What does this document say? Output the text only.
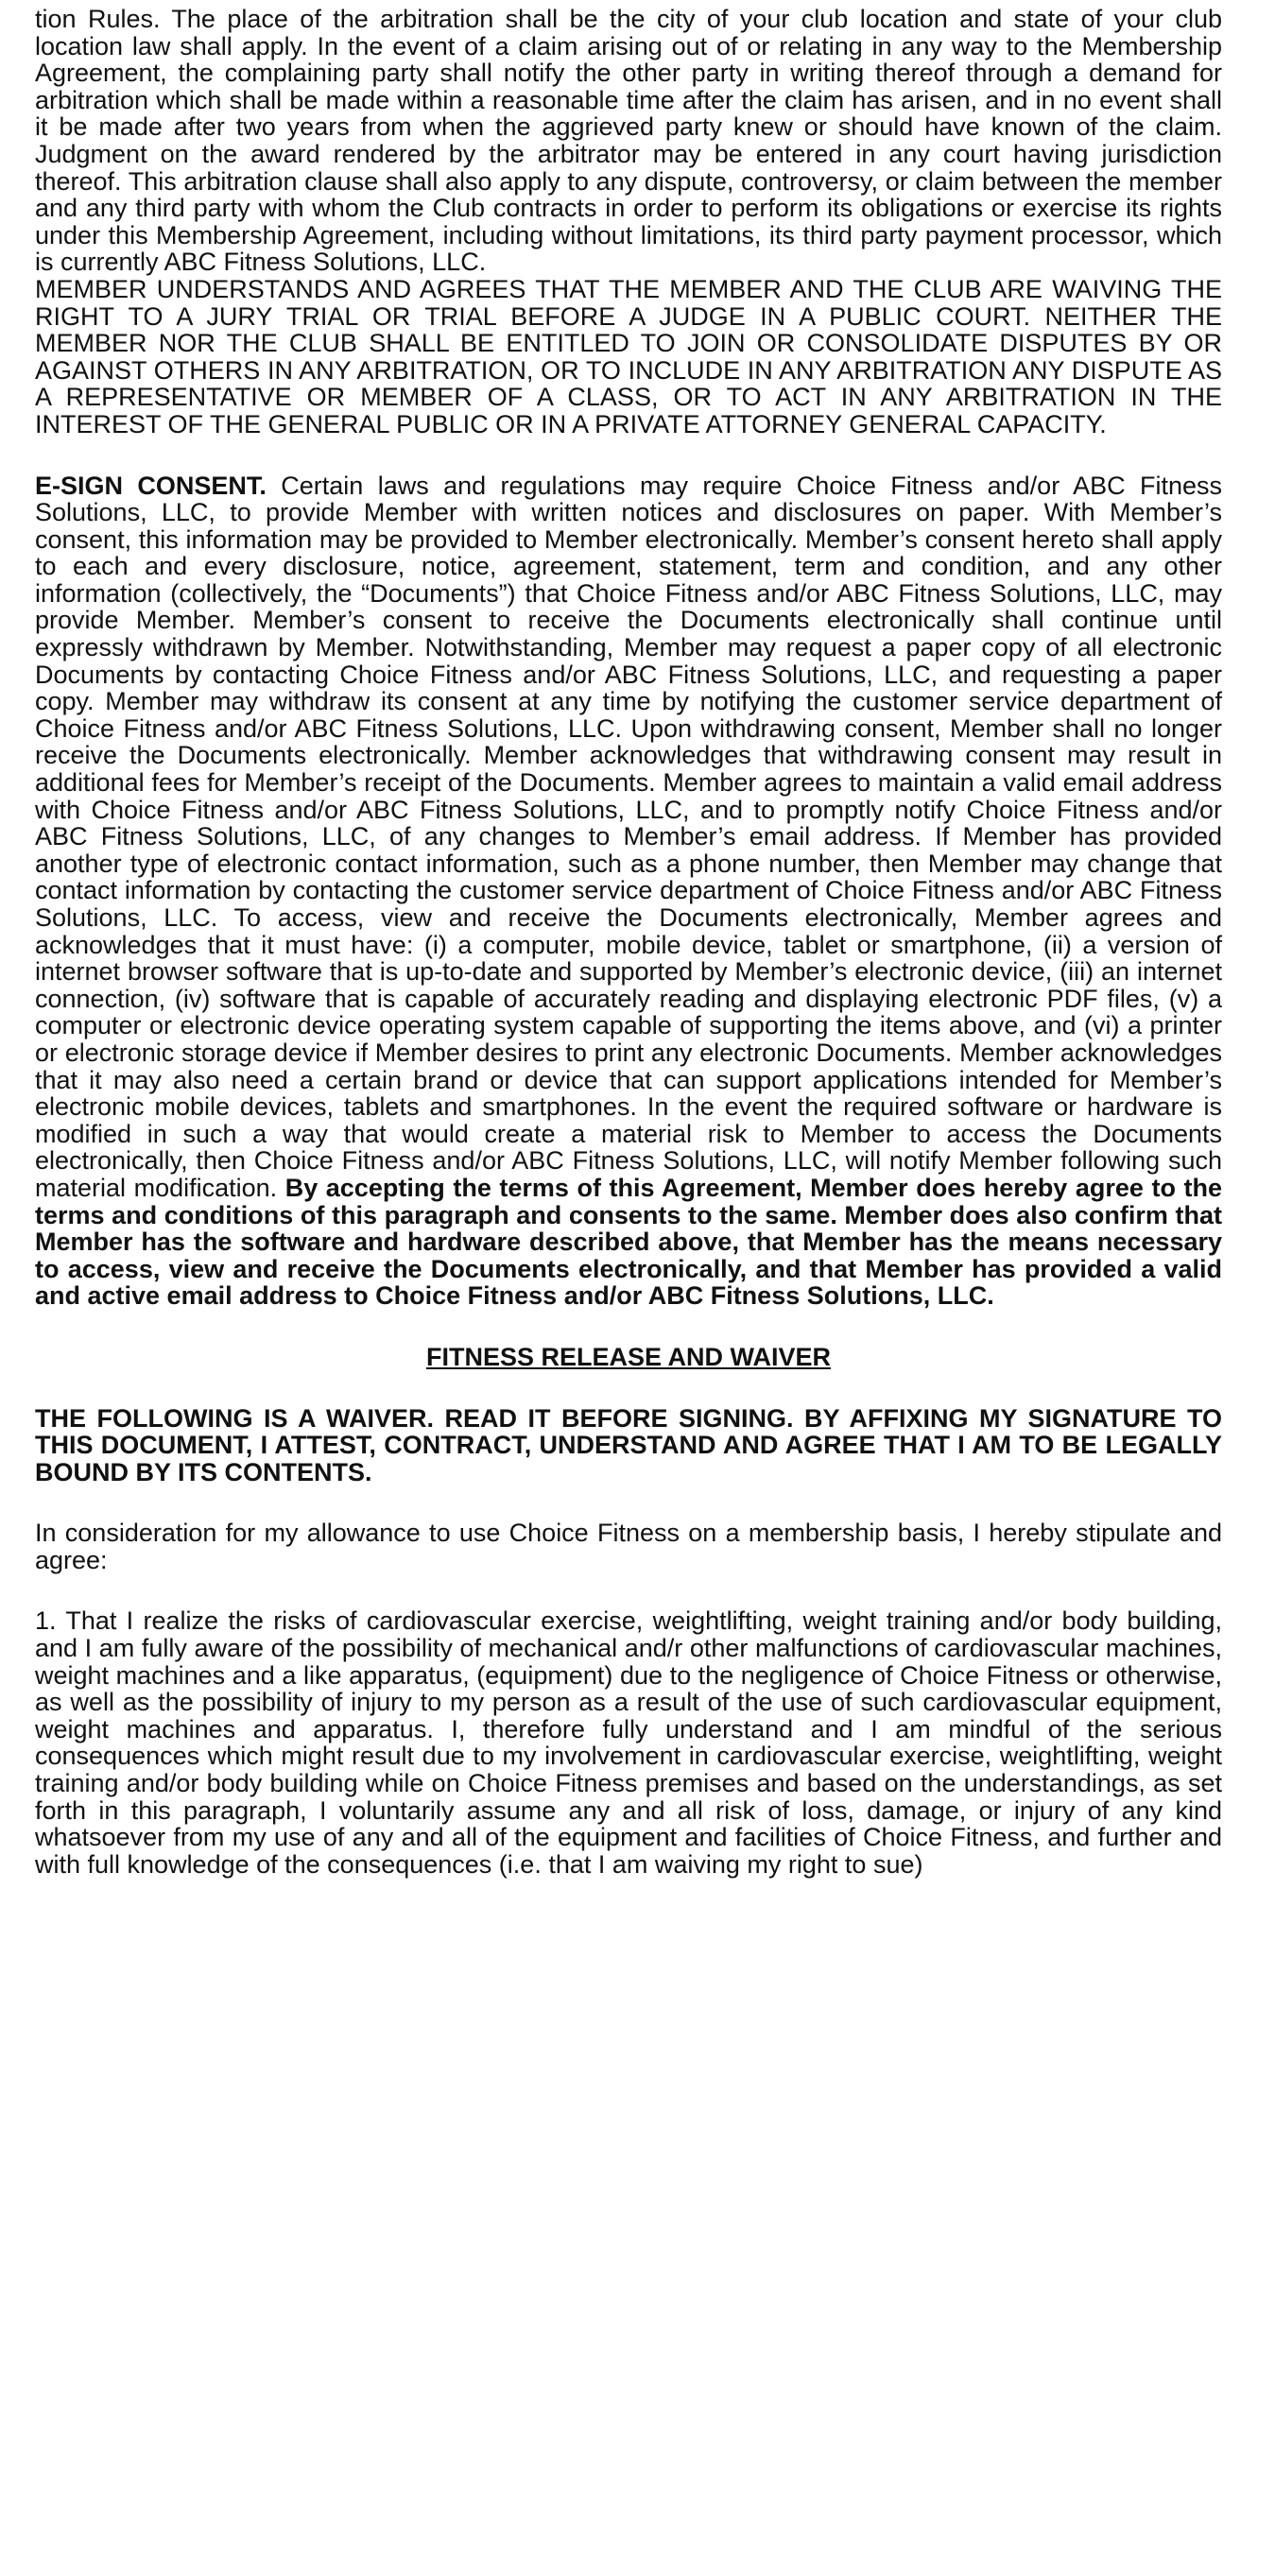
tion Rules. The place of the arbitration shall be the city of your club location and state of your club location law shall apply. In the event of a claim arising out of or relating in any way to the Membership Agreement, the complaining party shall notify the other party in writing thereof through a demand for arbitration which shall be made within a reasonable time after the claim has arisen, and in no event shall it be made after two years from when the aggrieved party knew or should have known of the claim. Judgment on the award rendered by the arbitrator may be entered in any court having jurisdiction thereof. This arbitration clause shall also apply to any dispute, controversy, or claim between the member and any third party with whom the Club contracts in order to perform its obligations or exercise its rights under this Membership Agreement, including without limitations, its third party payment processor, which is currently ABC Fitness Solutions, LLC.

MEMBER UNDERSTANDS AND AGREES THAT THE MEMBER AND THE CLUB ARE WAIVING THE RIGHT TO A JURY TRIAL OR TRIAL BEFORE A JUDGE IN A PUBLIC COURT. NEITHER THE MEMBER NOR THE CLUB SHALL BE ENTITLED TO JOIN OR CONSOLIDATE DISPUTES BY OR AGAINST OTHERS IN ANY ARBITRATION, OR TO INCLUDE IN ANY ARBITRATION ANY DISPUTE AS A REPRESENTATIVE OR MEMBER OF A CLASS, OR TO ACT IN ANY ARBITRATION IN THE INTEREST OF THE GENERAL PUBLIC OR IN A PRIVATE ATTORNEY GENERAL CAPACITY.

E-SIGN CONSENT. Certain laws and regulations may require Choice Fitness and/or ABC Fitness Solutions, LLC, to provide Member with written notices and disclosures on paper. With Member’s consent, this information may be provided to Member electronically. Member’s consent hereto shall apply to each and every disclosure, notice, agreement, statement, term and condition, and any other information (collectively, the “Documents”) that Choice Fitness and/or ABC Fitness Solutions, LLC, may provide Member. Member’s consent to receive the Documents electronically shall continue until expressly withdrawn by Member. Notwithstanding, Member may request a paper copy of all electronic Documents by contacting Choice Fitness and/or ABC Fitness Solutions, LLC, and requesting a paper copy. Member may withdraw its consent at any time by notifying the customer service department of Choice Fitness and/or ABC Fitness Solutions, LLC. Upon withdrawing consent, Member shall no longer receive the Documents electronically. Member acknowledges that withdrawing consent may result in additional fees for Member’s receipt of the Documents. Member agrees to maintain a valid email address with Choice Fitness and/or ABC Fitness Solutions, LLC, and to promptly notify Choice Fitness and/or ABC Fitness Solutions, LLC, of any changes to Member’s email address. If Member has provided another type of electronic contact information, such as a phone number, then Member may change that contact information by contacting the customer service department of Choice Fitness and/or ABC Fitness Solutions, LLC. To access, view and receive the Documents electronically, Member agrees and acknowledges that it must have: (i) a computer, mobile device, tablet or smartphone, (ii) a version of internet browser software that is up-to-date and supported by Member’s electronic device, (iii) an internet connection, (iv) software that is capable of accurately reading and displaying electronic PDF files, (v) a computer or electronic device operating system capable of supporting the items above, and (vi) a printer or electronic storage device if Member desires to print any electronic Documents. Member acknowledges that it may also need a certain brand or device that can support applications intended for Member’s electronic mobile devices, tablets and smartphones. In the event the required software or hardware is modified in such a way that would create a material risk to Member to access the Documents electronically, then Choice Fitness and/or ABC Fitness Solutions, LLC, will notify Member following such material modification. By accepting the terms of this Agreement, Member does hereby agree to the terms and conditions of this paragraph and consents to the same. Member does also confirm that Member has the software and hardware described above, that Member has the means necessary to access, view and receive the Documents electronically, and that Member has provided a valid and active email address to Choice Fitness and/or ABC Fitness Solutions, LLC.

FITNESS RELEASE AND WAIVER

THE FOLLOWING IS A WAIVER. READ IT BEFORE SIGNING. BY AFFIXING MY SIGNATURE TO THIS DOCUMENT, I ATTEST, CONTRACT, UNDERSTAND AND AGREE THAT I AM TO BE LEGALLY BOUND BY ITS CONTENTS.

In consideration for my allowance to use Choice Fitness on a membership basis, I hereby stipulate and agree:

1. That I realize the risks of cardiovascular exercise, weightlifting, weight training and/or body building, and I am fully aware of the possibility of mechanical and/r other malfunctions of cardiovascular machines, weight machines and a like apparatus, (equipment) due to the negligence of Choice Fitness or otherwise, as well as the possibility of injury to my person as a result of the use of such cardiovascular equipment, weight machines and apparatus. I, therefore fully understand and I am mindful of the serious consequences which might result due to my involvement in cardiovascular exercise, weightlifting, weight training and/or body building while on Choice Fitness premises and based on the understandings, as set forth in this paragraph, I voluntarily assume any and all risk of loss, damage, or injury of any kind whatsoever from my use of any and all of the equipment and facilities of Choice Fitness, and further and with full knowledge of the consequences (i.e. that I am waiving my right to sue)
